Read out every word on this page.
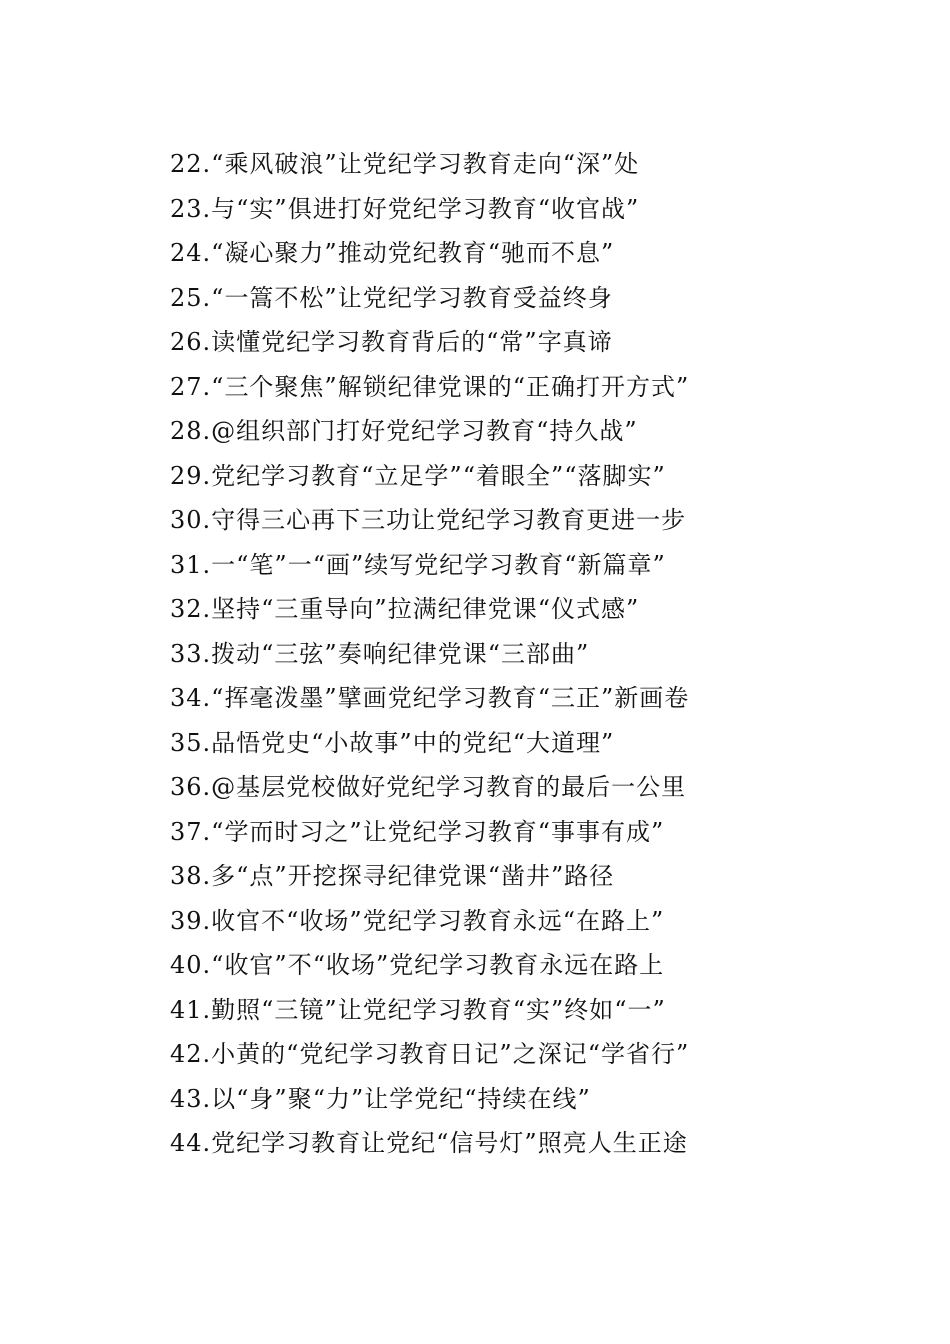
22.“乘风破浪”让党纪学习教育走向“深”处
23.与“实”俱进打好党纪学习教育“收官战”
24.“凝心聚力”推动党纪教育“驰而不息”
25.“一篙不松”让党纪学习教育受益终身
26.读懂党纪学习教育背后的“常”字真谛
27.“三个聚焦”解锁纪律党课的“正确打开方式”
28.@组织部门打好党纪学习教育“持久战”
29.党纪学习教育“立足学”“着眼全”“落脚实”
30.守得三心再下三功让党纪学习教育更进一步
31.一“笔”一“画”续写党纪学习教育“新篇章”
32.坚持“三重导向”拉满纪律党课“仪式感”
33.拨动“三弦”奏响纪律党课“三部曲”
34.“挥毫泼墨”擘画党纪学习教育“三正”新画卷
35.品悟党史“小故事”中的党纪“大道理”
36.@基层党校做好党纪学习教育的最后一公里
37.“学而时习之”让党纪学习教育“事事有成”
38.多“点”开挖探寻纪律党课“凿井”路径
39.收官不“收场”党纪学习教育永远“在路上”
40.“收官”不“收场”党纪学习教育永远在路上
41.勤照“三镜”让党纪学习教育“实”终如“一”
42.小黄的“党纪学习教育日记”之深记“学省行”
43.以“身”聚“力”让学党纪“持续在线”
44.党纪学习教育让党纪“信号灯”照亮人生正途
